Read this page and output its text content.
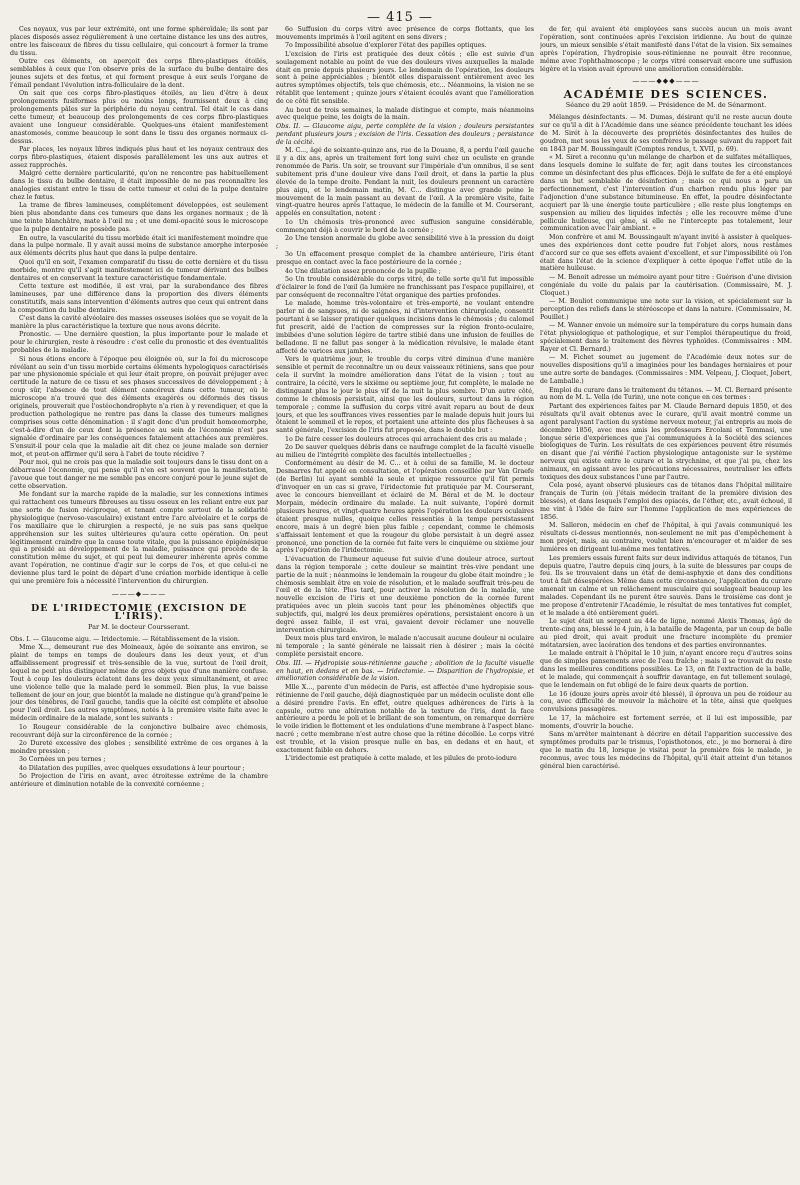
— 415 —

Ces noyaux, vus par leur extrémité, ont une forme sphéroïdale; ils sont par places disposés assez régulièrement à une certaine distance les uns des autres, entre les faisceaux de fibres du tissu cellulaire, qui concourt à former la trame du tissu.

Outre ces éléments, on aperçoit des corps fibro-plastiques étoilés, semblables à ceux que l'on observe près de la surface du bulbe dentaire des jeunes sujets et des fœtus, et qui forment presque à eux seuls l'organe de l'émail pendant l'évolution intra-folliculaire de la dent.

On sait que ces corps fibro-plastiques étoilés, au lieu d'être à deux prolongements fusiformes plus ou moins longs, fournissent deux à cinq prolongements pâles sur la périphérie du noyau central. Tel était le cas dans cette tumeur, et beaucoup des prolongements de ces corps fibro-plastiques avaient une longueur considérable. Quelques-uns étaient manifestement anastomosés, comme beaucoup le sont dans le tissu des organes normaux ci-dessus.

Par places, les noyaux libres indiqués plus haut et les noyaux centraux des corps fibro-plastiques, étaient disposés parallèlement les uns aux autres et assez rapprochés.

Malgré cette dernière particularité, qu'on ne rencontre pas habituellement dans le tissu du bulbe dentaire, il était impossible de ne pas reconnaître les analogies existant entre le tissu de cette tumeur et celui de la pulpe dentaire chez le fœtus.

La trame de fibres lamineuses, complétement développées, est seulement bien plus abondante dans ces tumeurs que dans les organes normaux ; de là une teinte blanchâtre, mate à l'œil nu ; et une demi-opacité sous le microscope que la pulpe dentaire ne possède pas.

En outre, la vascularité du tissu morbide était ici manifestement moindre que dans la pulpe normale. Il y avait aussi moins de substance amorphe interposée aux éléments décrits plus haut que dans la pulpe dentaire.

Quoi qu'il en soit, l'examen comparatif du tissu de cette dernière et du tissu morbide, montre qu'il s'agit manifestement ici de tumeur dérivant des bulbes dentaires et en conservant la texture caractéristique fondamentale.

Cette texture est modifiée, il est vrai, par la surabondance des fibres lamineuses, par une différence dans la proportion des divers éléments constitutifs, mais sans intervention d'éléments autres que ceux qui entrent dans la composition du bulbe dentaire.

C'est dans la cavité alvéolaire des masses osseuses isolées que se voyait de la manière la plus caractéristique la texture que nous avons décrite.

Pronostic. — Une dernière question, la plus importante pour le malade et pour le chirurgien, reste à résoudre : c'est celle du pronostic et des éventualités probables de la maladie.

Si nous étions encore à l'époque peu éloignée où, sur la foi du microscope révélant au sein d'un tissu morbide certains éléments hypologiques caractérisés par une physionomie spéciale et qui leur était propre, on pouvait préjuger avec certitude la nature de ce tissu et ses phases successives de développement ; à coup sûr, l'absence de tout élément cancéreux dans cette tumeur, où le microscope n'a trouvé que des éléments exagérés ou déformés des tissus originels, prouverait que l'ostéochondrophyte n'a rien à y revendiquer, et que la production pathologique ne rentre pas dans la classe des tumeurs malignes comprises sous cette dénomination : il s'agit donc d'un produit homœomorphe, c'est-à-dire d'un de ceux dont la présence au sein de l'économie n'est pas signalée d'ordinaire par les conséquences fatalement attachées aux premières. S'ensuit-il pour cela que la maladie ait dit chez ce jeune malade son dernier mot, et peut-on affirmer qu'il sera à l'abri de toute récidive ?

Pour moi, qui ne crois pas que la maladie soit toujours dans le tissu dont on a débarrassé l'économie, qui pense qu'il n'en est souvent que la manifestation, j'avoue que tout danger ne me semble pas encore conjuré pour le jeune sujet de cette observation.

Me fondant sur la marche rapide de la maladie, sur les connexions intimes qui rattachent ces tumeurs fibreuses au tissu osseux en les reliant entre eux par une sorte de fusion réciproque, et tenant compte surtout de la solidarité physiologique (nervoso-vasculaire) existant entre l'arc alvéolaire et le corps de l'os maxillaire que le chirurgien a respecté, je ne suis pas sans quelque appréhension sur les suites ultérieures qu'aura cette opération. On peut légitimement craindre que la cause toute vitale, que la puissance épigénésique qui a présidé au développement de la maladie, puissance qui procède de la constitution même du sujet, et qui peut lui demeurer inhérente après comme avant l'opération, ne continue d'agir sur le corps de l'os, et que celui-ci ne devienne plus tard le point de départ d'une création morbide identique à celle qui une première fois a nécessité l'intervention du chirurgien.

———◆———
DE L'IRIDECTOMIE (EXCISION DE L'IRIS).
Par M. le docteur Coursserant.

Obs. I. — Glaucome aigu. — Iridectomie. — Rétablissement de la vision.

Mme X..., demeurant rue des Moineaux, âgée de soixante ans environ, se plaint de temps en temps de douleurs dans les deux yeux, et d'un affaiblissement progressif et très-sensible de la vue, surtout de l'œil droit, lequel ne peut plus distinguer même de gros objets que d'une manière confuse. Tout à coup les douleurs éclatent dans les deux yeux simultanément, et avec une violence telle que la malade perd le sommeil. Bien plus, la vue baisse tellement de jour en jour, que bientôt la malade ne distingue qu'à grand'peine le jour des ténèbres, de l'œil gauche, tandis que la cécité est complète et absolue pour l'œil droit. Les autres symptômes, notés à la première visite faite avec le médecin ordinaire de la malade, sont les suivants :

1o Rougeur considérable de la conjonctive bulbaire avec chémosis, recouvrant déjà sur la circonférence de la cornée ;

2o Dureté excessive des globes ; sensibilité extrême de ces organes à la moindre pression ;

3o Cornées un peu ternes ;

4o Dilatation des pupilles, avec quelques exsudations à leur pourtour ;

5o Projection de l'iris en avant, avec étroitesse extrême de la chambre antérieure et diminution notable de la convexité cornéenne ;

6o Suffusion du corps vitré avec présence de corps flottants, que les mouvements imprimés à l'œil agitent en sens divers ;

7o Impossibilité absolue d'explorer l'état des papilles optiques.

L'excision de l'iris est pratiquée des deux côtés ; elle est suivie d'un soulagement notable au point de vue des douleurs vives auxquelles la malade était en proie depuis plusieurs jours. Le lendemain de l'opération, les douleurs sont à peine appréciables ; bientôt elles disparaissent entièrement avec les autres symptômes objectifs, tels que chémosis, etc... Néanmoins, la vision ne se rétablit que lentement ; quinze jours s'étaient écoulés avant que l'amélioration de ce côté fût sensible.

Au bout de trois semaines, la malade distingue et compte, mais néanmoins avec quelque peine, les doigts de la main.

Obs. II. — Glaucome aigu, perte complète de la vision ; douleurs persistantes pendant plusieurs jours ; excision de l'iris. Cessation des douleurs ; persistance de la cécité.

M. C..., âgé de soixante-quinze ans, rue de la Douane, 8, a perdu l'œil gauche il y a dix ans, après un traitement fort long suivi chez un oculiste en grande renommée de Paris. Un soir, se trouvant sur l'impériale d'un omnibus, il se sent subitement pris d'une douleur vive dans l'œil droit, et dans la partie la plus élevée de la tempe droite. Pendant la nuit, les douleurs prennent un caractère plus aigu, et le lendemain matin, M. C... distingue avec grande peine le mouvement de la main passant au devant de l'œil. A la première visite, faite vingt-quatre heures après l'attaque, le médecin de la famille et M. Courserant, appelés en consultation, notent :

1o Un chémosis très-prononcé avec suffusion sanguine considérable, commençant déjà à couvrir le bord de la cornée ;

2o Une tension anormale du globe avec sensibilité vive à la pression du doigt ;

3o Un effacement presque complet de la chambre antérieure, l'iris étant presque en contact avec la face postérieure de la cornée ;

4o Une dilatation assez prononcée de la pupille ;

5o Un trouble considérable du corps vitré, de telle sorte qu'il fut impossible d'éclairer le fond de l'œil (la lumière ne franchissant pas l'espace pupillaire), et par conséquent de reconnaître l'état organique des parties profondes.

Le malade, homme très-volontaire et très-emporté, ne voulant entendre parler ni de sangsues, ni de saignées, ni d'intervention chirurgicale, consentit pourtant à se laisser pratiquer quelques incisions dans le chémosis ; du calomel fut prescrit, aidé de l'action de compresses sur la région fronto-oculaire, imbibées d'une solution légère de tartre stibié dans une infusion de feuilles de belladone. Il ne fallut pas songer à la médication révulsive, le malade étant affecté de varices aux jambes.

Vers le quatrième jour, le trouble du corps vitré diminua d'une manière sensible et permit de reconnaître un ou deux vaisseaux rétiniens, sans que pour cela il survînt la moindre amélioration dans l'état de la vision ; tout au contraire, la cécité, vers le sixième ou septième jour, fut complète, le malade ne distinguant plus le jour le plus vif de la nuit la plus sombre. D'un autre côté, comme le chémosis persistait, ainsi que les douleurs, surtout dans la région temporale ; comme la suffusion du corps vitré avait reparu au bout de deux jours, et que les souffrances vives ressenties par le malade depuis huit jours lui ôtaient le sommeil et le repos, et portaient une atteinte des plus fâcheuses à sa santé générale, l'excision de l'iris fut proposée, dans le double but :

1o De faire cesser les douleurs atroces qui arrachaient des cris au malade ;

2o De sauver quelques débris dans ce naufrage complet de la faculté visuelle au milieu de l'intégrité complète des facultés intellectuelles ;

Conformément au désir de M. C... et à celui de sa famille, M. le docteur Desmarres fut appelé en consultation, et l'opération conseillée par Van Graefe (de Berlin) lui ayant semblé la seule et unique ressource qu'il fût permis d'invoquer en un cas si grave, l'iridectomie fut pratiquée par M. Courserant, avec le concours bienveillant et éclairé de M. Béral et de M. le docteur Morpain, médecin ordinaire du malade. La nuit suivante, l'opéré dormit plusieurs heures, et vingt-quatre heures après l'opération les douleurs oculaires étaient presque nulles, quoique celles ressenties à la tempe persistassent encore, mais à un degré bien plus faible ; cependant, comme le chémosis s'affaissait lentement et que la rougeur du globe persistait à un degré assez prononcé, une ponction de la cornée fut faite vers le cinquième ou sixième jour après l'opération de l'iridectomie.

L'évacuation de l'humeur aqueuse fut suivie d'une douleur atroce, surtout dans la région temporale ; cette douleur se maintint très-vive pendant une partie de la nuit ; néanmoins le lendemain la rougeur du globe était moindre ; le chémosis semblait être en voie de résolution, et le malade souffrait très-peu de l'œil et de la tête. Plus tard, pour activer la résolution de la maladie, une nouvelle excision de l'iris et une deuxième ponction de la cornée furent pratiquées avec un plein succès tant pour les phénomènes objectifs que subjectifs, qui, malgré les deux premières opérations, persistaient encore à un degré assez faible, il est vrai, gavaient devoir réclamer une nouvelle intervention chirurgicale.

Deux mois plus tard environ, le malade n'accusait aucune douleur ni oculaire ni temporale ; la santé générale ne laissait rien à désirer ; mais la cécité complète persistait encore.

Obs. III. — Hydropisie sous-rétinienne gauche ; abolition de la faculté visuelle en haut, en dedans et en bas. — Iridectomie. — Disparition de l'hydropisie, et amélioration considérable de la vision.

Mlle X..., parente d'un médecin de Paris, est affectée d'une hydropisie sous-rétinienne de l'œil gauche, déjà diagnostiquée par un médecin oculiste dont elle a désiré prendre l'avis. En effet, outre quelques adhérences de l'iris à la capsule, outre une altération notable de la texture de l'iris, dont la face antérieure a perdu le poli et le brillant de son tomentum, on remarque derrière le voile iridien le flottement et les ondulations d'une membrane à l'aspect blanc-nacré ; cette membrane n'est autre chose que la rétine décollée. Le corps vitré est trouble, et la vision presque nulle en bas, en dedans et en haut, et exactement faible en dehors.

L'iridectomie est pratiquée à cette malade, et les pilules de proto-iodure

de fer, qui avaient été employées sans succès aucun un mois avant l'opération, sont continuées après l'excision iridienne. Au bout de quinze jours, un mieux sensible s'était manifesté dans l'état de la vision. Six semaines après l'opération, l'hydropisie sous-rétinienne ne pouvait être reconnue, même avec l'ophthalmoscope ; le corps vitré conservait encore une suffusion légère et la vision avait éprouvé une amélioration considérable.

———◆◆◆———
ACADÉMIE DES SCIENCES.
Séance du 29 août 1859. — Présidence de M. de Sénarmont.

Mélanges désinfectants. — M. Dumas, désirant qu'il ne reste aucun doute sur ce qu'il a dit à l'Académie dans une séance précédente touchant les idées de M. Sirét à la découverte des propriétés désinfectantes des huiles de goudron, met sous les yeux de ses confrères le passage suivant du rapport fait en 1843 par M. Boussingault (Comptes rendus, t. XVII, p. 69).

« M. Siret a reconnu qu'un mélange de charbon et de sulfates métalliques, dans lesquels domine le sulfate de fer, agit dans toutes les circonstances comme un désinfectant des plus efficaces. Déjà le sulfate de fer a été employé dans un but semblable de désinfection ; mais ce qui nous a paru un perfectionnement, c'est l'intervention d'un charbon rendu plus léger par l'adjonction d'une substance bitumineuse. En effet, la poudre désinfectante acquiert par là une énergie toute particulière ; elle reste plus longtemps en suspension au milieu des liquides infectés ; elle les recouvre même d'une pellicule huileuse, qui gêne, si elle ne l'intercepte pas totalement, leur communication avec l'air ambiant. »

Mon confrère et ami M. Boussingault m'ayant invité à assister à quelques-unes des expériences dont cette poudre fut l'objet alors, nous restâmes d'accord sur ce que ses effets avaient d'excellent, et sur l'impossibilité où l'on était dans l'état de la science d'expliquer à cette époque l'effet utile de la matière huileuse.

— M. Benoit adresse un mémoire ayant pour titre : Guérison d'une division congéniale du voile du palais par la cautérisation. (Commissaire, M. J. Cloquet.)

— M. Bouliot communique une note sur la vision, et spécialement sur la perception des reliefs dans le stéréoscope et dans la nature. (Commissaire, M. Pouillet.)

— M. Wanner envoie un mémoire sur la température du corps humain dans l'état physiologique et pathologique, et sur l'emploi thérapeutique du froid, spécialement dans le traitement des fièvres typhoïdes. (Commissaires : MM. Rayer et Cl. Bernard.)

— M. Fichet soumet au jugement de l'Académie deux notes sur de nouvelles dispositions qu'il a imaginées pour les bandages herniaires et pour une autre sorte de bandages. (Commissaires : MM. Velpeau, J. Cloquet, Jobert, de Lamballe.)

Emploi du curare dans le traitement du tétanos. — M. Cl. Bernard présente au nom de M. L. Vella (de Turin), une note conçue en ces termes :

Partant des expériences faites par M. Claude Bernard depuis 1850, et des résultats qu'il avait obtenus avec le curare, qu'il avait montré comme un agent paralysant l'action du système nerveux moteur, j'ai entrepris au mois de décembre 1856, avec mes amis les professeurs Ercolani et Tommasi, une longue série d'expériences que j'ai communiquées à la Société des sciences biologiques de Turin. Les résultats de ces expériences peuvent être résumés en disant que j'ai vérifié l'action physiologique antagoniste sur le système nerveux qui existe entre le curare et la strychnine, et que j'ai pu, chez les animaux, en agissant avec les précautions nécessaires, neutraliser les effets toxiques des deux substances l'une par l'autre.

Cela posé, ayant observé plusieurs cas de tétanos dans l'hôpital militaire français de Turin (où j'étais médecin traitant de la première division des blessés), et dans lesquels l'emploi des opiacés, de l'éther, etc., avait échoué, il me vint à l'idée de faire sur l'homme l'application de mes expériences de 1856.

M. Salleron, médecin en chef de l'hôpital, à qui j'avais communiqué les résultats ci-dessus mentionnés, non-seulement ne mit pas d'empêchement à mon projet, mais, au contraire, voulut bien m'encourager et m'aider de ses lumières en dirigeant lui-même mes tentatives.

Les premiers essais furent faits sur deux individus attaqués de tétanos, l'un depuis quatre, l'autre depuis cinq jours, à la suite de blessures par coups de feu. Ils se trouvaient dans un état de demi-asphyxie et dans des conditions tout à fait désespérées. Même dans cette circonstance, l'application du curare amenait un calme et un relâchement musculaire qui soulageait beaucoup les malades. Cependant ils ne purent être sauvés. Dans le troisième cas dont je me propose d'entretenir l'Académie, le résultat de mes tentatives fut complet, et le malade a été entièrement guéri.

Le sujet était un sergent au 44e de ligne, nommé Alexis Thomas, âgé de trente-cinq ans, blessé le 4 juin, à la bataille de Magenta, par un coup de balle au pied droit, qui avait produit une fracture incomplète du premier métatarsien, avec lacération des tendons et des parties environnantes.

Le malade entrait à l'hôpital le 10 juin, n'ayant encore reçu d'autres soins que de simples pansements avec de l'eau fraîche ; mais il se trouvait du reste dans les meilleures conditions possibles. Le 13, on fit l'extraction de la balle, et le malade, qui commençait à souffrir davantage, en fut tellement soulagé, que le lendemain on fut obligé de le faire deux quarts de portion.

Le 16 (douze jours après avoir été blessé), il éprouva un peu de roideur au cou, avec difficulté de mouvoir la mâchoire et la tête, ainsi que quelques convulsions passagères.

Le 17, la mâchoire est fortement serrée, et il lui est impossible, par moments, d'ouvrir la bouche.

Sans m'arrêter maintenant à décrire en détail l'apparition successive des symptômes produits par le trismus, l'opisthotonos, etc., je me bornerai à dire que le matin du 18, lorsque je visitai pour la première fois le malade, je reconnus, avec tous les médecins de l'hôpital, qu'il était atteint d'un tétanos général bien caractérisé.
